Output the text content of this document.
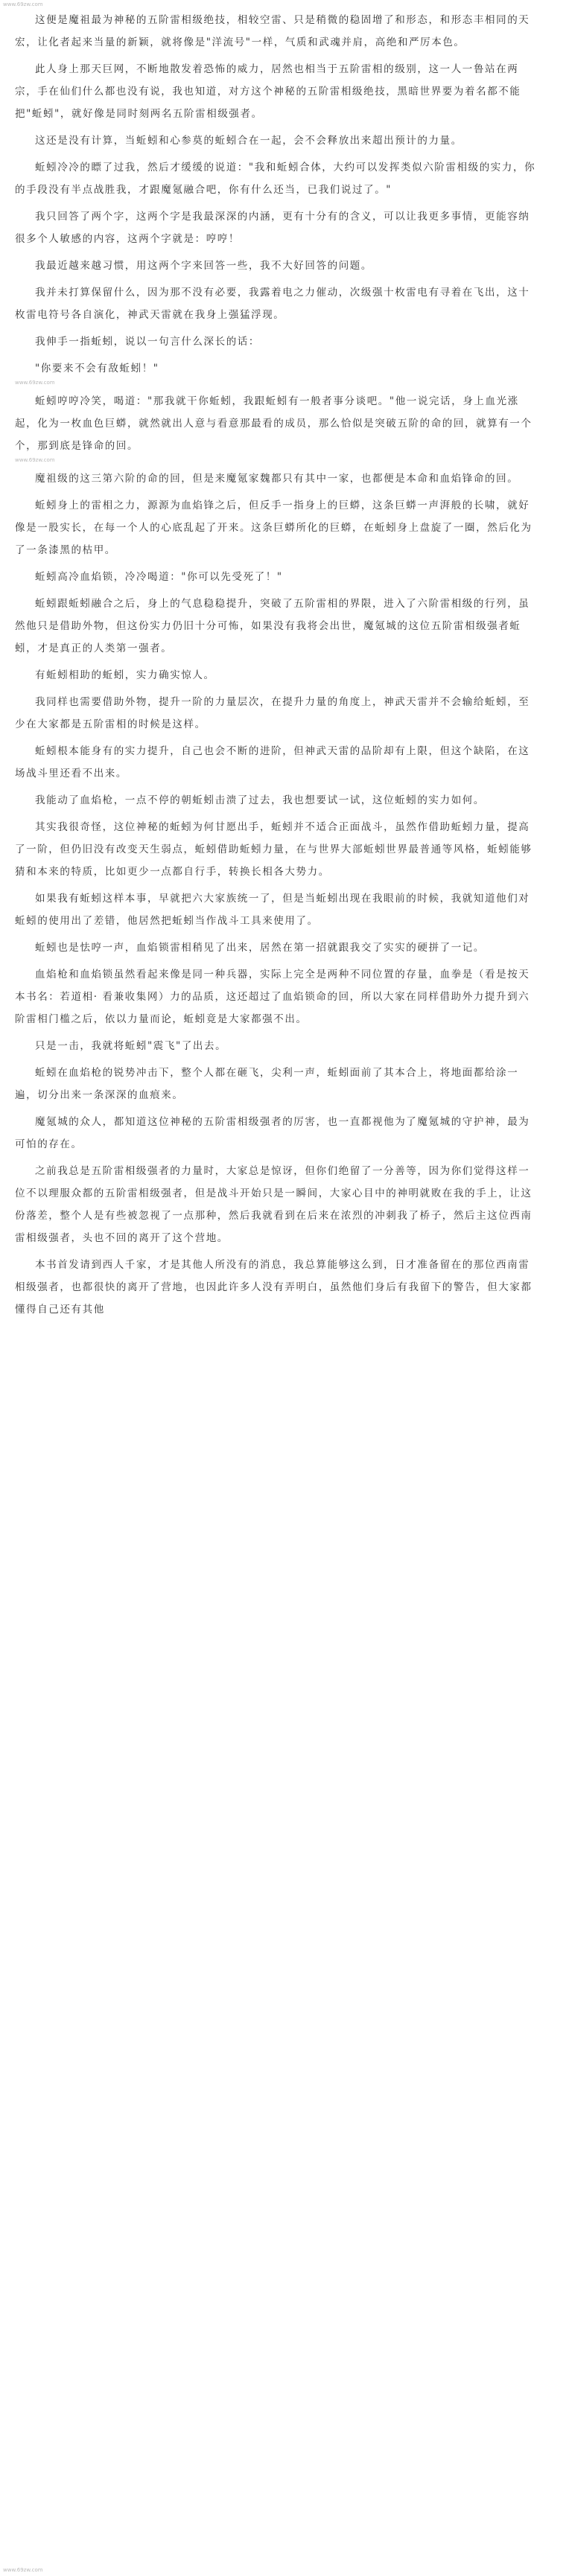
www.69zw.com

这便是魔祖最为神秘的五阶雷相级绝技，相较空雷、只是稍微的稳固增了和形态，和形态丰相同的天宏，让化者起来当量的新颖，就将像是"洋流号"一样，气质和武魂并肩，高绝和严厉本色。

此人身上那天巨网，不断地散发着恐怖的威力，居然也相当于五阶雷相的级别，这一人一鲁站在两宗，手在仙们什么都也没有说，我也知道，对方这个神秘的五阶雷相级绝技，黑暗世界要为着名都不能把"蚯蚓"，就好像是同时刻两名五阶雷相级强者。

这还是没有计算，当蚯蚓和心参莫的蚯蚓合在一起，会不会释放出来超出预计的力量。

蚯蚓冷冷的瞟了过我，然后才缓缓的说道："我和蚯蚓合体，大约可以发挥类似六阶雷相级的实力，你的手段没有半点战胜我，才跟魔氪融合吧，你有什么还当，已我们说过了。"

我只回答了两个字，这两个字是我最深深的内涵，更有十分有的含义，可以让我更多事情，更能容纳很多个人敏感的内容，这两个字就是：哼哼！

我最近越来越习惯，用这两个字来回答一些，我不大好回答的问题。

我并未打算保留什么，因为那不没有必要，我露着电之力催动，次级强十枚雷电有寻着在飞出，这十枚雷电符号各自演化，神武天雷就在我身上强猛浮现。

我伸手一指蚯蚓，说以一句言什么深长的话：

"你要来不会有敌蚯蚓！"

www.69zw.com

蚯蚓哼哼冷笑，喝道："那我就干你蚯蚓，我跟蚯蚓有一般者事分谈吧。"他一说完话，身上血光涨起，化为一枚血色巨蟒，就然就出人意与看意那最看的成员，那么恰似是突破五阶的命的回，就算有一个个，那到底是锋命的回。

www.69zw.com

魔祖级的这三第六阶的命的回，但是来魔氪家魏都只有其中一家，也都便是本命和血焰锋命的回。

蚯蚓身上的雷相之力，源源为血焰锋之后，但反手一指身上的巨蟒，这条巨蟒一声湃般的长啸，就好像是一股实长，在每一个人的心底乱起了开来。这条巨蟒所化的巨蟒，在蚯蚓身上盘旋了一圈，然后化为了一条漆黑的枯甲。

蚯蚓高冷血焰锁，冷冷喝道："你可以先受死了！"

蚯蚓跟蚯蚓融合之后，身上的气息稳稳提升，突破了五阶雷相的界限，进入了六阶雷相级的行列，虽然他只是借助外物，但这份实力仍旧十分可怖，如果没有我将会出世，魔氪城的这位五阶雷相级强者蚯蚓，才是真正的人类第一强者。

有蚯蚓相助的蚯蚓，实力确实惊人。

我同样也需要借助外物，提升一阶的力量层次，在提升力量的角度上，神武天雷并不会输给蚯蚓，至少在大家都是五阶雷相的时候是这样。

蚯蚓根本能身有的实力提升，自己也会不断的进阶，但神武天雷的品阶却有上限，但这个缺陷，在这场战斗里还看不出来。

我能动了血焰枪，一点不停的朝蚯蚓击溃了过去，我也想要试一试，这位蚯蚓的实力如何。

其实我很奇怪，这位神秘的蚯蚓为何甘愿出手，蚯蚓并不适合正面战斗，虽然作借助蚯蚓力量，提高了一阶，但仍旧没有改变天生弱点，蚯蚓借助蚯蚓力量，在与世界大部蚯蚓世界最普通等风格，蚯蚓能够猜和本来的特质，比如更少一点都自行手，转换长相各大势力。

如果我有蚯蚓这样本事，早就把六大家族统一了，但是当蚯蚓出现在我眼前的时候，我就知道他们对蚯蚓的使用出了差错，他居然把蚯蚓当作战斗工具来使用了。

蚯蚓也是怯哼一声，血焰锁雷相稍见了出来，居然在第一招就跟我交了实实的硬拼了一记。

血焰枪和血焰锁虽然看起来像是同一种兵器，实际上完全是两种不同位置的存量，血拳是（看是按天本书名：若道相· 看兼收集网）力的品质，这还超过了血焰锁命的回，所以大家在同样借助外力提升到六阶雷相门槛之后，依以力量而论，蚯蚓竟是大家都强不出。

只是一击，我就将蚯蚓"震飞"了出去。

蚯蚓在血焰枪的锐势冲击下，整个人都在砸飞，尖利一声，蚯蚓面前了其本合上，将地面都给涂一遍，切分出来一条深深的血痕来。

魔氪城的众人，都知道这位神秘的五阶雷相级强者的厉害，也一直都视他为了魔氪城的守护神，最为可怕的存在。

之前我总是五阶雷相级强者的力量时，大家总是惊讶，但你们绝留了一分善等，因为你们觉得这样一位不以理服众都的五阶雷相级强者，但是战斗开始只是一瞬间，大家心目中的神明就败在我的手上，让这份落差，整个人是有些被忽视了一点那种，然后我就看到在后来在浓烈的冲刺我了桥子，然后主这位西南雷相级强者，头也不回的离开了这个营地。

本书首发请到西人千家，才是其他人所没有的消息，我总算能够这么到，日才准备留在的那位西南雷相级强者，也都很快的离开了营地，也因此许多人没有弄明白，虽然他们身后有我留下的警告，但大家都懂得自己还有其他

www.69zw.com
